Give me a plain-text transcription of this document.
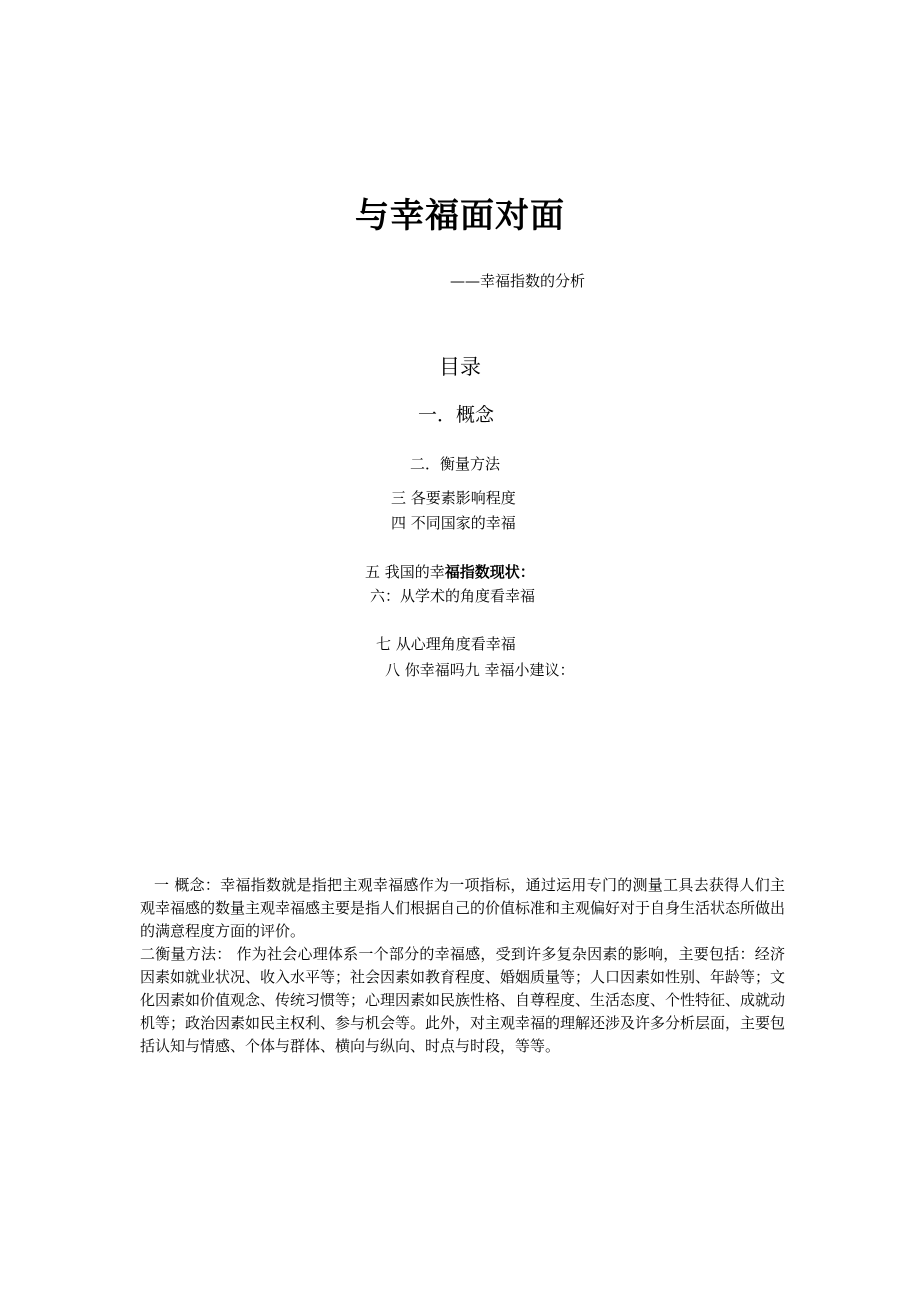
与幸福面对面
——幸福指数的分析
目录
一．概念
二．衡量方法
三 各要素影响程度
四 不同国家的幸福
五 我国的幸福指数现状：
六：从学术的角度看幸福
七 从心理角度看幸福
八 你幸福吗九 幸福小建议：
一 概念：幸福指数就是指把主观幸福感作为一项指标，通过运用专门的测量工具去获得人们主观幸福感的数量主观幸福感主要是指人们根据自己的价值标准和主观偏好对于自身生活状态所做出的满意程度方面的评价。
二衡量方法： 作为社会心理体系一个部分的幸福感，受到许多复杂因素的影响，主要包括：经济因素如就业状况、收入水平等；社会因素如教育程度、婚姻质量等；人口因素如性别、年龄等；文化因素如价值观念、传统习惯等；心理因素如民族性格、自尊程度、生活态度、个性特征、成就动机等；政治因素如民主权利、参与机会等。此外，对主观幸福的理解还涉及许多分析层面，主要包括认知与情感、个体与群体、横向与纵向、时点与时段，等等。
